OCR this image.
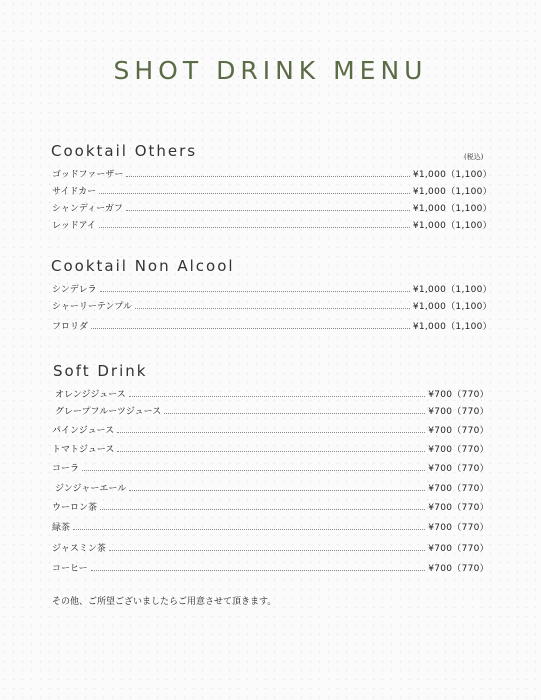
SHOT DRINK MENU
Cooktail Others	(税込)
ゴッドファーザー	¥1,000（1,100）
サイドカー	¥1,000（1,100）
シャンディーガフ	¥1,000（1,100）
レッドアイ	¥1,000（1,100）
Cooktail Non Alcool
シンデレラ	¥1,000（1,100）
シャーリーテンプル	¥1,000（1,100）
フロリダ	¥1,000（1,100）
Soft Drink
オレンジジュース	¥700（770）
グレープフルーツジュース	¥700（770）
パインジュース	¥700（770）
トマトジュース	¥700（770）
コーラ	¥700（770）
ジンジャーエール	¥700（770）
ウーロン茶	¥700（770）
緑茶	¥700（770）
ジャスミン茶	¥700（770）
コーヒー	¥700（770）
その他、ご所望ございましたらご用意させて頂きます。
